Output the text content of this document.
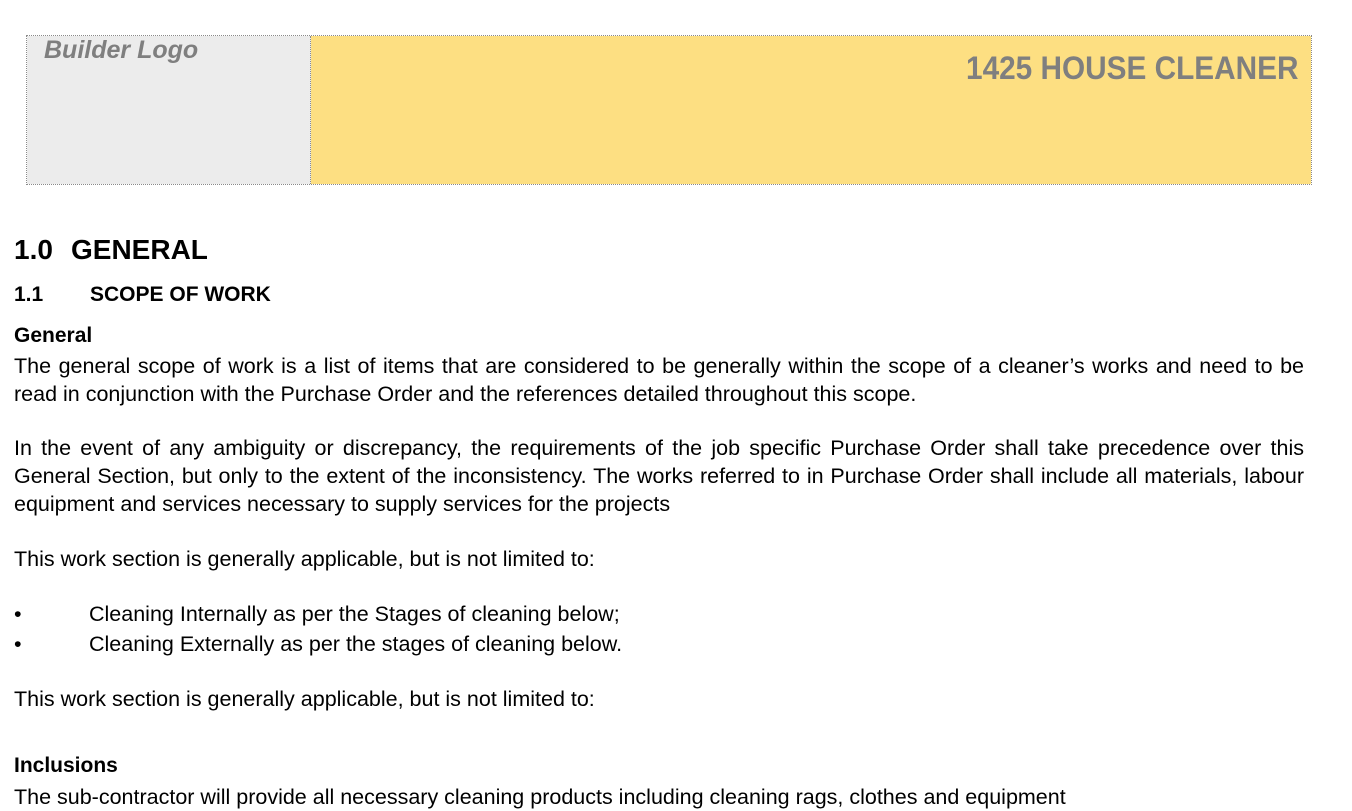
Builder Logo	1425 HOUSE CLEANER
1.0 GENERAL
1.1 SCOPE OF WORK
General

The general scope of work is a list of items that are considered to be generally within the scope of a cleaner’s works and need to be read in conjunction with the Purchase Order and the references detailed throughout this scope.

In the event of any ambiguity or discrepancy, the requirements of the job specific Purchase Order shall take precedence over this General Section, but only to the extent of the inconsistency. The works referred to in Purchase Order shall include all materials, labour equipment and services necessary to supply services for the projects

This work section is generally applicable, but is not limited to:

•	Cleaning Internally as per the Stages of cleaning below;
•	Cleaning Externally as per the stages of cleaning below.

This work section is generally applicable, but is not limited to:

Inclusions

The sub-contractor will provide all necessary cleaning products including cleaning rags, clothes and equipment
